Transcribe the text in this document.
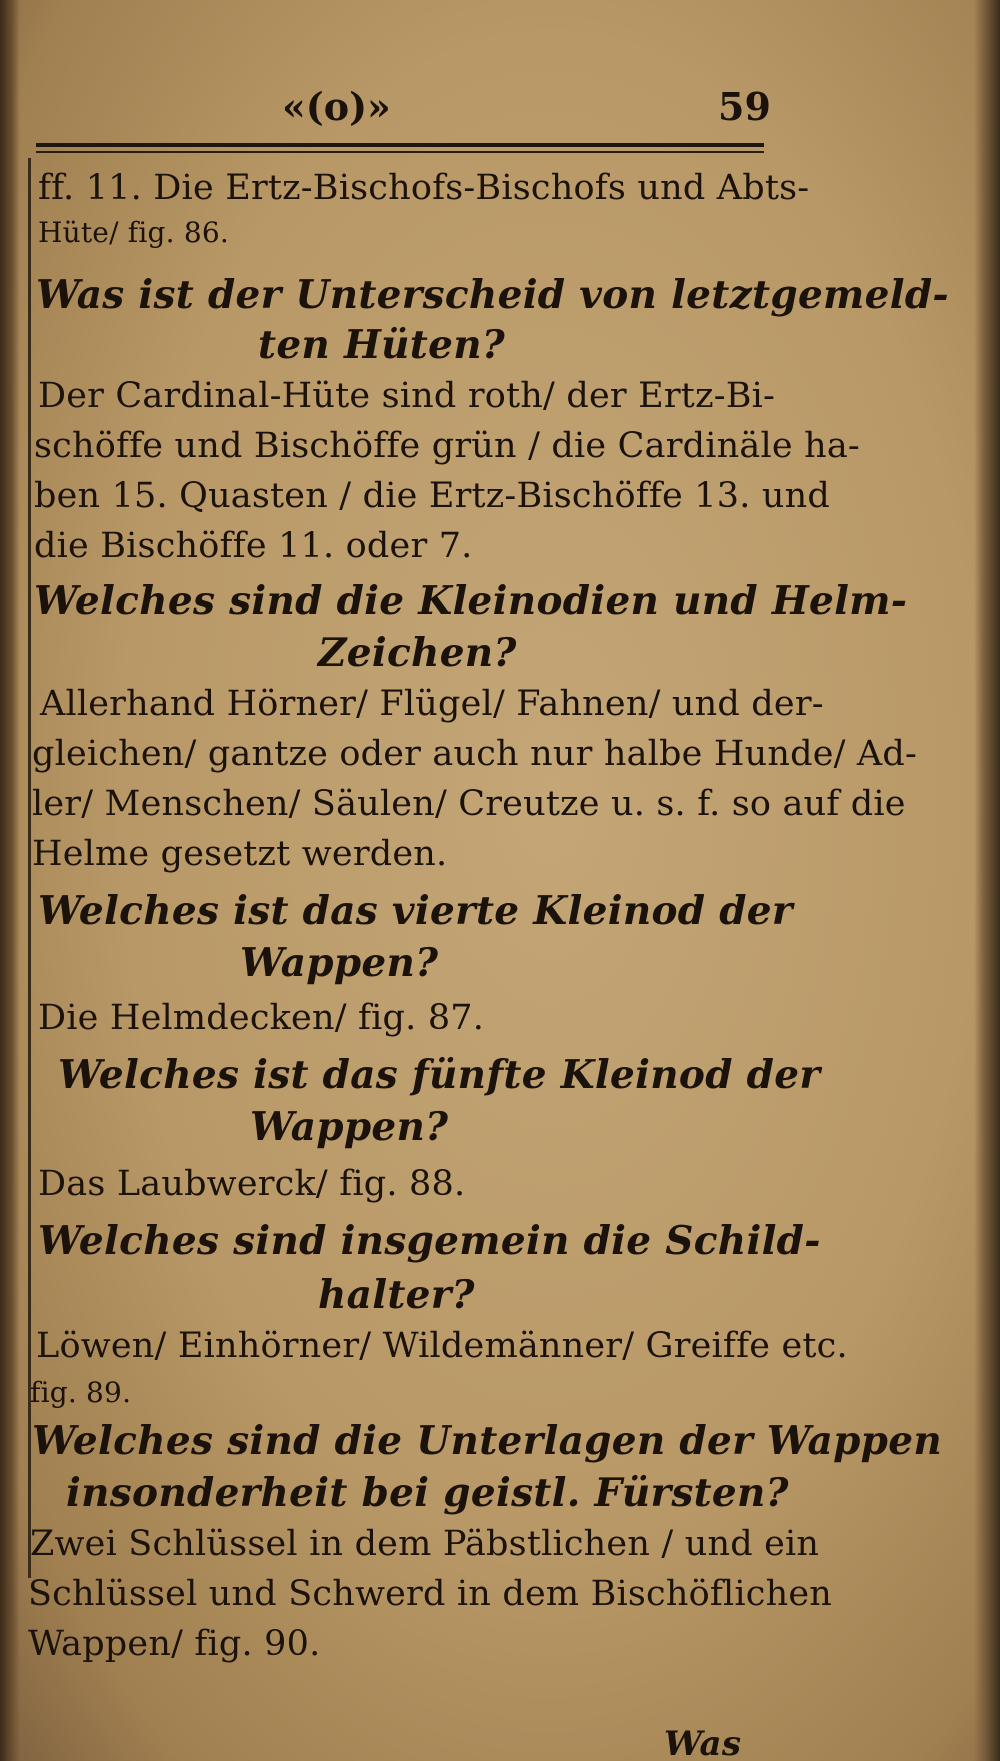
«(o)»	59
ff. 11. Die Ertz-Bischofs-Bischofs und Abts-
Hüte/ fig. 86.
Was ist der Unterscheid von letztgemeld-
ten Hüten?
Der Cardinal-Hüte sind roth/ der Ertz-Bi-
schöffe und Bischöffe grün / die Cardinäle ha-
ben 15. Quasten / die Ertz-Bischöffe 13. und
die Bischöffe 11. oder 7.
Welches sind die Kleinodien und Helm-
Zeichen?
Allerhand Hörner/ Flügel/ Fahnen/ und der-
gleichen/ gantze oder auch nur halbe Hunde/ Ad-
ler/ Menschen/ Säulen/ Creutze u. s. f. so auf die
Helme gesetzt werden.
Welches ist das vierte Kleinod der
Wappen?
Die Helmdecken/ fig. 87.
Welches ist das fünfte Kleinod der
Wappen?
Das Laubwerck/ fig. 88.
Welches sind insgemein die Schild-
halter?
Löwen/ Einhörner/ Wildemänner/ Greiffe etc.
fig. 89.
Welches sind die Unterlagen der Wappen
insonderheit bei geistl. Fürsten?
Zwei Schlüssel in dem Päbstlichen / und ein
Schlüssel und Schwerd in dem Bischöflichen
Wappen/ fig. 90.
Was
